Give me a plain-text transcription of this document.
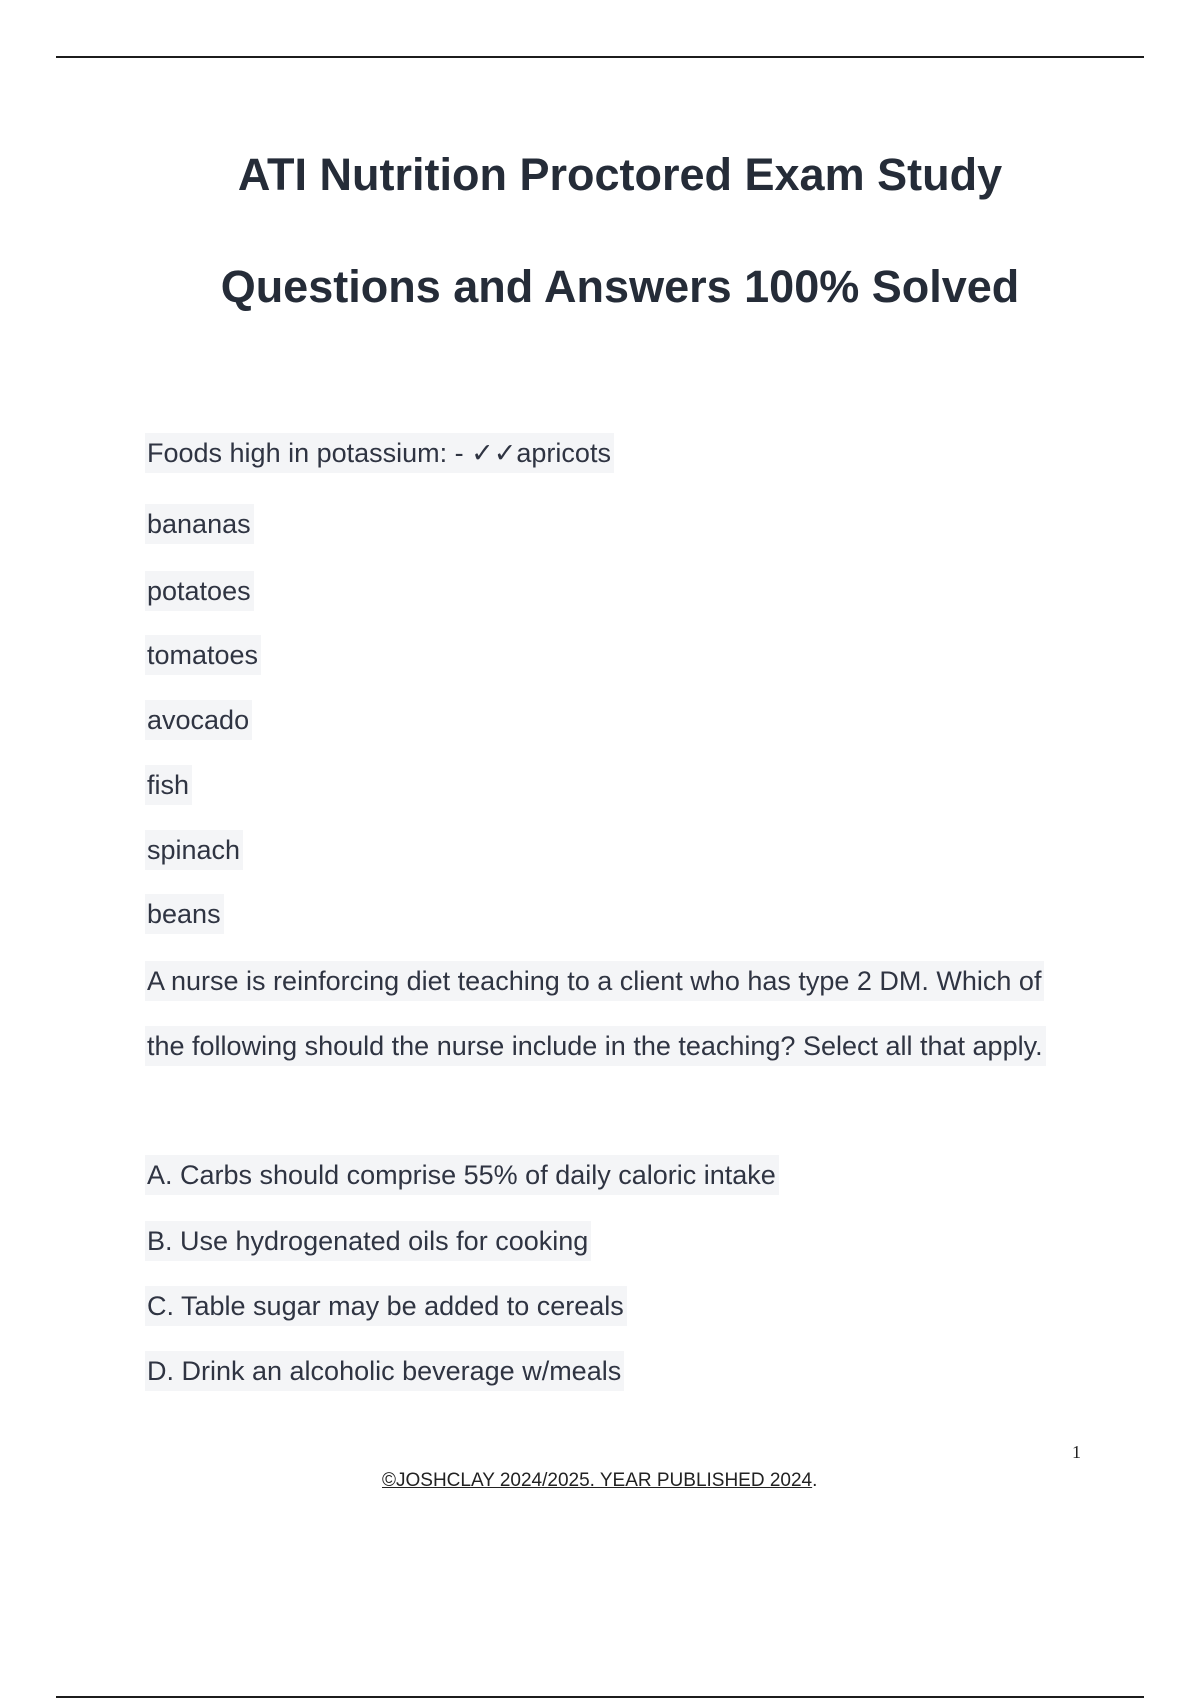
ATI Nutrition Proctored Exam Study
Questions and Answers 100% Solved
Foods high in potassium: - ✓✓apricots
bananas
potatoes
tomatoes
avocado
fish
spinach
beans
A nurse is reinforcing diet teaching to a client who has type 2 DM. Which of
the following should the nurse include in the teaching? Select all that apply.
A. Carbs should comprise 55% of daily caloric intake
B. Use hydrogenated oils for cooking
C. Table sugar may be added to cereals
D. Drink an alcoholic beverage w/meals
1
©JOSHCLAY 2024/2025. YEAR PUBLISHED 2024.
